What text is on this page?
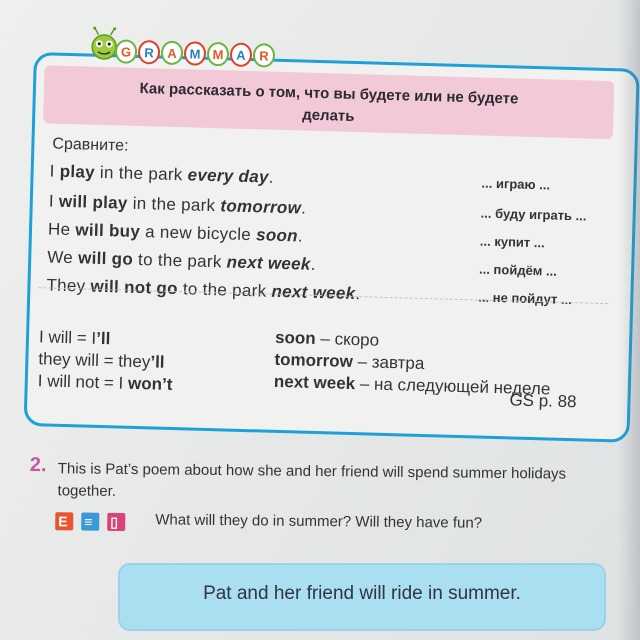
G R	A M M A	R
Как рассказать о том, что вы будете или не будете
делать
Сравните:
I play in the park every day.	... играю ...
I will play in the park tomorrow.	... буду играть ...
He will buy a new bicycle soon.	... купит ...
We will go to the park next week.	... пойдём ...
They will not go to the park next week.	... не пойдут ...
I will = I’ll
they will = they’ll
I will not = I won’t
soon – скоро
tomorrow – завтра
next week – на следующей неделе
GS p. 88
2. This is Pat’s poem about how she and her friend will spend summer holidays together.
E ≡ ▯ What will they do in summer? Will they have fun?
Pat and her friend will ride in summer.
